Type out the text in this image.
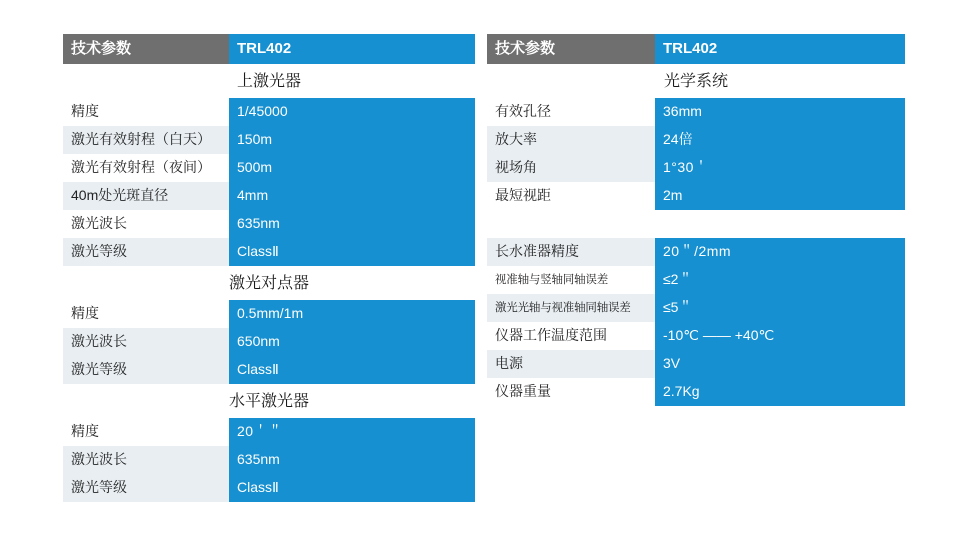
技术参数	TRL402
上激光器	
精度	1/45000
激光有效射程（白天）	150m
激光有效射程（夜间）	500m
40m处光斑直径	4mm
激光波长	635nm
激光等级	ClassⅡ
激光对点器	
精度	0.5mm/1m
激光波长	650nm
激光等级	ClassⅡ
水平激光器	
精度	20＇＂
激光波长	635nm
激光等级	ClassⅡ
技术参数	TRL402
光学系统	
有效孔径	36mm
放大率	24倍
视场角	1°30＇
最短视距	2m

长水准器精度	20＂/2mm
视准轴与竖轴同轴误差	≤2＂
激光光轴与视准轴同轴误差	≤5＂
仪器工作温度范围	-10℃ —— +40℃
电源	3V
仪器重量	2.7Kg
